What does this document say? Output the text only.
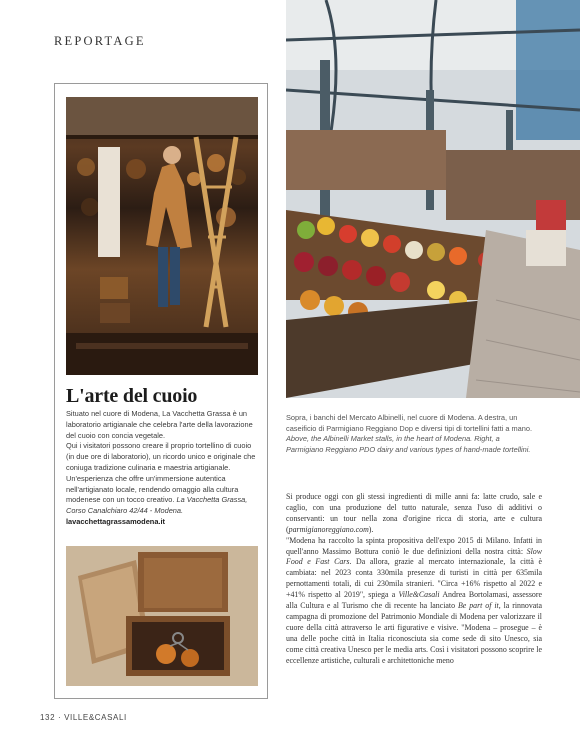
REPORTAGE
L'arte del cuoio

Situato nel cuore di Modena, La Vacchetta Grassa è un laboratorio artigianale che celebra l'arte della lavorazione del cuoio con concia vegetale.

Qui i visitatori possono creare il proprio tortellino di cuoio (in due ore di laboratorio), un ricordo unico e originale che coniuga tradizione culinaria e maestria artigianale. Un'esperienza che offre un'immersione autentica nell'artigianato locale, rendendo omaggio alla cultura modenese con un tocco creativo. La Vacchetta Grassa, Corso Canalchiaro 42/44 - Modena. lavacchettagrassamodena.it

Sopra, i banchi del Mercato Albinelli, nel cuore di Modena. A destra, un caseificio di Parmigiano Reggiano Dop e diversi tipi di tortellini fatti a mano.
Above, the Albinelli Market stalls, in the heart of Modena. Right, a Parmigiano Reggiano PDO dairy and various types of hand-made tortellini.

Si produce oggi con gli stessi ingredienti di mille anni fa: latte crudo, sale e caglio, con una produzione del tutto naturale, senza l'uso di additivi o conservanti: un tour nella zona d'origine ricca di storia, arte e cultura (parmigianoreggiano.com).

"Modena ha raccolto la spinta propositiva dell'expo 2015 di Milano. Infatti in quell'anno Massimo Bottura coniò le due definizioni della nostra città: Slow Food e Fast Cars. Da allora, grazie al mercato internazionale, la città è cambiata: nel 2023 conta 330mila presenze di turisti in città per 635mila pernottamenti totali, di cui 230mila stranieri. "Circa +16% rispetto al 2022 e +41% rispetto al 2019", spiega a Ville&Casali Andrea Bortolamasi, assessore alla Cultura e al Turismo che di recente ha lanciato Be part of it, la rinnovata campagna di promozione del Patrimonio Mondiale di Modena per valorizzare il cuore della città attraverso le arti figurative e visive. "Modena – prosegue – è una delle poche città in Italia riconosciuta sia come sede di sito Unesco, sia come città creativa Unesco per le media arts. Così i visitatori possono scoprire le eccellenze artistiche, culturali e architettoniche meno

132 · VILLE&CASALI
